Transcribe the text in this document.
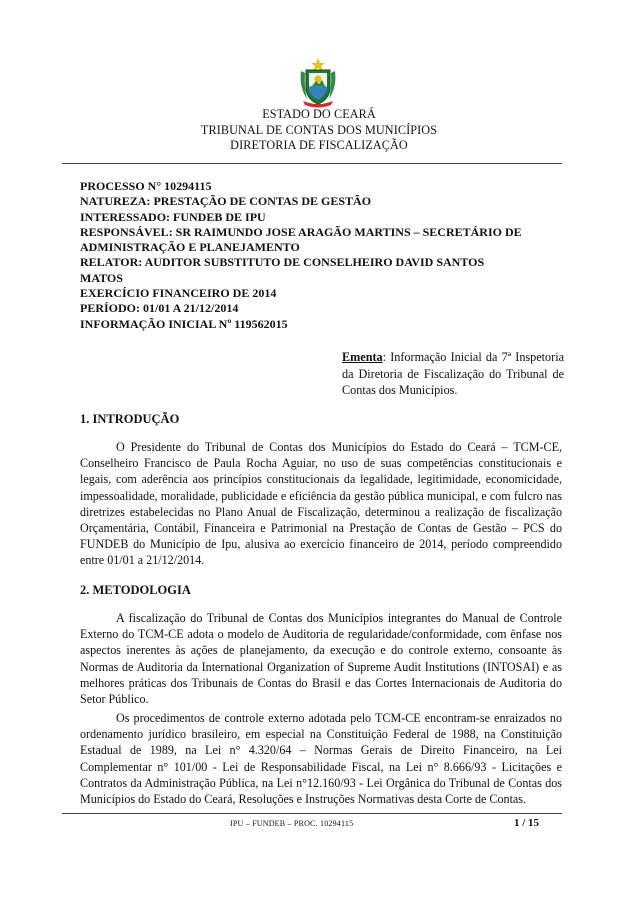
ESTADO DO CEARÁ
TRIBUNAL DE CONTAS DOS MUNICÍPIOS
DIRETORIA DE FISCALIZAÇÃO
PROCESSO N° 10294115
NATUREZA: PRESTAÇÃO DE CONTAS DE GESTÃO
INTERESSADO: FUNDEB DE IPU
RESPONSÁVEL: SR RAIMUNDO JOSE ARAGÃO MARTINS – SECRETÁRIO DE
ADMINISTRAÇÃO E PLANEJAMENTO
RELATOR: AUDITOR SUBSTITUTO DE CONSELHEIRO DAVID SANTOS
MATOS
EXERCÍCIO FINANCEIRO DE 2014
PERÍODO: 01/01 A 21/12/2014
INFORMAÇÃO INICIAL Nº 119562015
Ementa: Informação Inicial da 7ª Inspetoria da Diretoria de Fiscalização do Tribunal de Contas dos Municípios.
1. INTRODUÇÃO
O Presidente do Tribunal de Contas dos Municípios do Estado do Ceará – TCM-CE, Conselheiro Francisco de Paula Rocha Aguiar, no uso de suas competências constitucionais e legais, com aderência aos princípios constitucionais da legalidade, legitimidade, economicidade, impessoalidade, moralidade, publicidade e eficiência da gestão pública municipal, e com fulcro nas diretrizes estabelecidas no Plano Anual de Fiscalização, determinou a realização de fiscalização Orçamentária, Contábil, Financeira e Patrimonial na Prestação de Contas de Gestão – PCS do FUNDEB do Município de Ipu, alusiva ao exercício financeiro de 2014, período compreendido entre 01/01 a 21/12/2014.
2. METODOLOGIA
A fiscalização do Tribunal de Contas dos Municípios integrantes do Manual de Controle Externo do TCM-CE adota o modelo de Auditoria de regularidade/conformidade, com ênfase nos aspectos inerentes às ações de planejamento, da execução e do controle externo, consoante às Normas de Auditoria da International Organization of Supreme Audit Institutions (INTOSAI) e as melhores práticas dos Tribunais de Contas do Brasil e das Cortes Internacionais de Auditoria do Setor Público.
Os procedimentos de controle externo adotada pelo TCM-CE encontram-se enraizados no ordenamento jurídico brasileiro, em especial na Constituição Federal de 1988, na Constituição Estadual de 1989, na Lei n° 4.320/64 – Normas Gerais de Direito Financeiro, na Lei Complementar n° 101/00 - Lei de Responsabilidade Fiscal, na Lei n° 8.666/93 - Licitações e Contratos da Administração Pública, na Lei n°12.160/93 - Lei Orgânica do Tribunal de Contas dos Municípios do Estado do Ceará, Resoluções e Instruções Normativas desta Corte de Contas.
IPU – FUNDEB – PROC. 10294115	1 / 15
